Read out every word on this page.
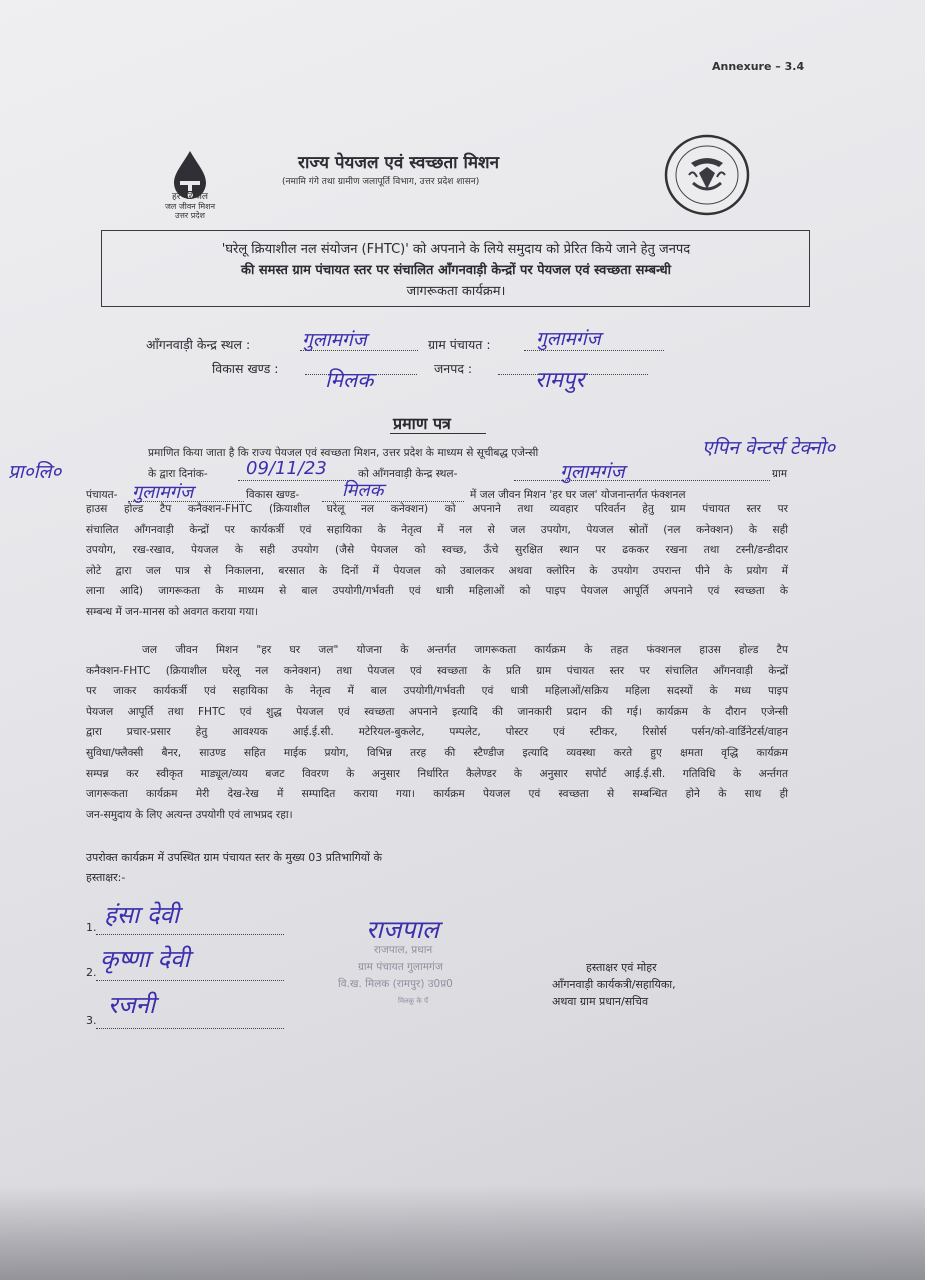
Annexure – 3.4
हर घर जल
जल जीवन मिशन
उत्तर प्रदेश
राज्य पेयजल एवं स्वच्छता मिशन
(नमामि गंगे तथा ग्रामीण जलापूर्ति विभाग, उत्तर प्रदेश शासन)
'घरेलू क्रियाशील नल संयोजन (FHTC)' को अपनाने के लिये समुदाय को प्रेरित किये जाने हेतु जनपद
की समस्त ग्राम पंचायत स्तर पर संचालित आँगनवाड़ी केन्द्रों पर पेयजल एवं स्वच्छता सम्बन्धी
जागरूकता कार्यक्रम।
आँगनवाड़ी केन्द्र स्थल :	गुलामगंज	ग्राम पंचायत : गुलामगंज
विकास खण्ड : मिलक	जनपद :	रामपुर
प्रमाण पत्र
प्रमाणित किया जाता है कि राज्य पेयजल एवं स्वच्छता मिशन, उत्तर प्रदेश के माध्यम से सूचीबद्ध एजेन्सी	एपिन वेन्टर्स टेक्नो०
प्रा०लि०	के द्वारा दिनांक- 09/11/23	को आँगनवाड़ी केन्द्र स्थल-	गुलामगंज	ग्राम
पंचायत- गुलामगंज	विकास खण्ड- मिलक	में जल जीवन मिशन 'हर घर जल' योजनान्तर्गत फंक्शनल
हाउस होल्ड टैप कनैक्शन-FHTC (क्रियाशील घरेलू नल कनेक्शन) को अपनाने तथा व्यवहार परिवर्तन हेतु ग्राम पंचायत स्तर पर
संचालित आँगनवाड़ी केन्द्रों पर कार्यकर्त्री एवं सहायिका के नेतृत्व में नल से जल उपयोग, पेयजल स्रोतों (नल कनेक्शन) के सही
उपयोग, रख-रखाव, पेयजल के सही उपयोग (जैसे पेयजल को स्वच्छ, ऊँचे सुरक्षित स्थान पर ढककर रखना तथा टस्नी/डन्डीदार
लोटे द्वारा जल पात्र से निकालना, बरसात के दिनों में पेयजल को उबालकर अथवा क्लोरिन के उपयोग उपरान्त पीने के प्रयोग में
लाना आदि) जागरूकता के माध्यम से बाल उपयोगी/गर्भवती एवं धात्री महिलाओं को पाइप पेयजल आपूर्ति अपनाने एवं स्वच्छता के
सम्बन्ध में जन-मानस को अवगत कराया गया।
जल जीवन मिशन "हर घर जल" योजना के अन्तर्गत जागरूकता कार्यक्रम के तहत फंक्शनल हाउस होल्ड टैप
कनैक्शन-FHTC (क्रियाशील घरेलू नल कनेक्शन) तथा पेयजल एवं स्वच्छता के प्रति ग्राम पंचायत स्तर पर संचालित आँगनवाड़ी केन्द्रों
पर जाकर कार्यकर्त्री एवं सहायिका के नेतृत्व में बाल उपयोगी/गर्भवती एवं धात्री महिलाओं/सक्रिय महिला सदस्यों के मध्य पाइप
पेयजल आपूर्ति तथा FHTC एवं शुद्ध पेयजल एवं स्वच्छता अपनाने इत्यादि की जानकारी प्रदान की गई। कार्यक्रम के दौरान एजेन्सी
द्वारा प्रचार-प्रसार हेतु आवश्यक आई.ई.सी. मटेरियल-बुकलेट, पम्पलेट, पोस्टर एवं स्टीकर, रिसोर्स पर्सन/को-वार्डिनेटर्स/वाहन
सुविधा/फ्लैक्सी बैनर, साउण्ड सहित माईक प्रयोग, विभिन्न तरह की स्टैण्डीज इत्यादि व्यवस्था करते हुए क्षमता वृद्धि कार्यक्रम
सम्पन्न कर स्वीकृत माड्यूल/व्यय बजट विवरण के अनुसार निर्धारित कैलेण्डर के अनुसार सपोर्ट आई.ई.सी. गतिविधि के अर्न्तगत
जागरूकता कार्यक्रम मेरी देख-रेख में सम्पादित कराया गया। कार्यक्रम पेयजल एवं स्वच्छता से सम्बन्धित होने के साथ ही
जन-समुदाय के लिए अत्यन्त उपयोगी एवं लाभप्रद रहा।
उपरोक्त कार्यक्रम में उपस्थित ग्राम पंचायत स्तर के मुख्य 03 प्रतिभागियों के
हस्ताक्षर:-
1. हंसा देवी
2. कृष्णा देवी
3.
रजनी
राजपाल
राजपाल, प्रधान
ग्राम पंचायत गुलामगंज
वि.ख. मिलक (रामपुर) उ0प्र0
मिलक़ू के पँ
हस्ताक्षर एवं मोहर
आँगनवाड़ी कार्यकत्री/सहायिका,
अथवा ग्राम प्रधान/सचिव
